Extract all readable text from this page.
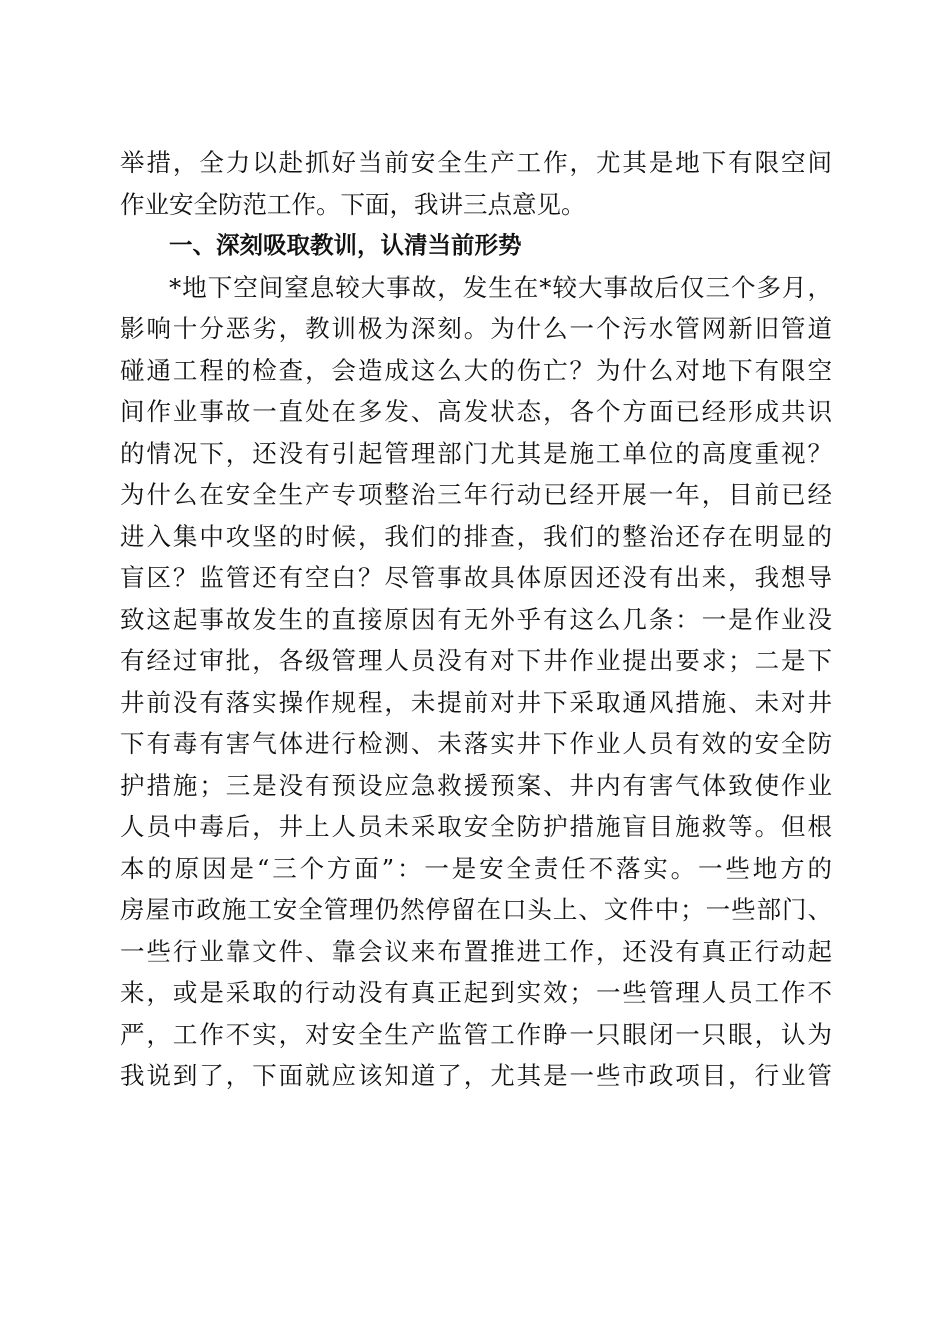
举措，全力以赴抓好当前安全生产工作，尤其是地下有限空间
作业安全防范工作。下面，我讲三点意见。
一、深刻吸取教训，认清当前形势
*地下空间窒息较大事故，发生在*较大事故后仅三个多月，
影响十分恶劣，教训极为深刻。为什么一个污水管网新旧管道
碰通工程的检查，会造成这么大的伤亡？为什么对地下有限空
间作业事故一直处在多发、高发状态，各个方面已经形成共识
的情况下，还没有引起管理部门尤其是施工单位的高度重视？
为什么在安全生产专项整治三年行动已经开展一年，目前已经
进入集中攻坚的时候，我们的排查，我们的整治还存在明显的
盲区？监管还有空白？尽管事故具体原因还没有出来，我想导
致这起事故发生的直接原因有无外乎有这么几条：一是作业没
有经过审批，各级管理人员没有对下井作业提出要求；二是下
井前没有落实操作规程，未提前对井下采取通风措施、未对井
下有毒有害气体进行检测、未落实井下作业人员有效的安全防
护措施；三是没有预设应急救援预案、井内有害气体致使作业
人员中毒后，井上人员未采取安全防护措施盲目施救等。但根
本的原因是“三个方面”：一是安全责任不落实。一些地方的
房屋市政施工安全管理仍然停留在口头上、文件中；一些部门、
一些行业靠文件、靠会议来布置推进工作，还没有真正行动起
来，或是采取的行动没有真正起到实效；一些管理人员工作不
严，工作不实，对安全生产监管工作睁一只眼闭一只眼，认为
我说到了，下面就应该知道了，尤其是一些市政项目，行业管
